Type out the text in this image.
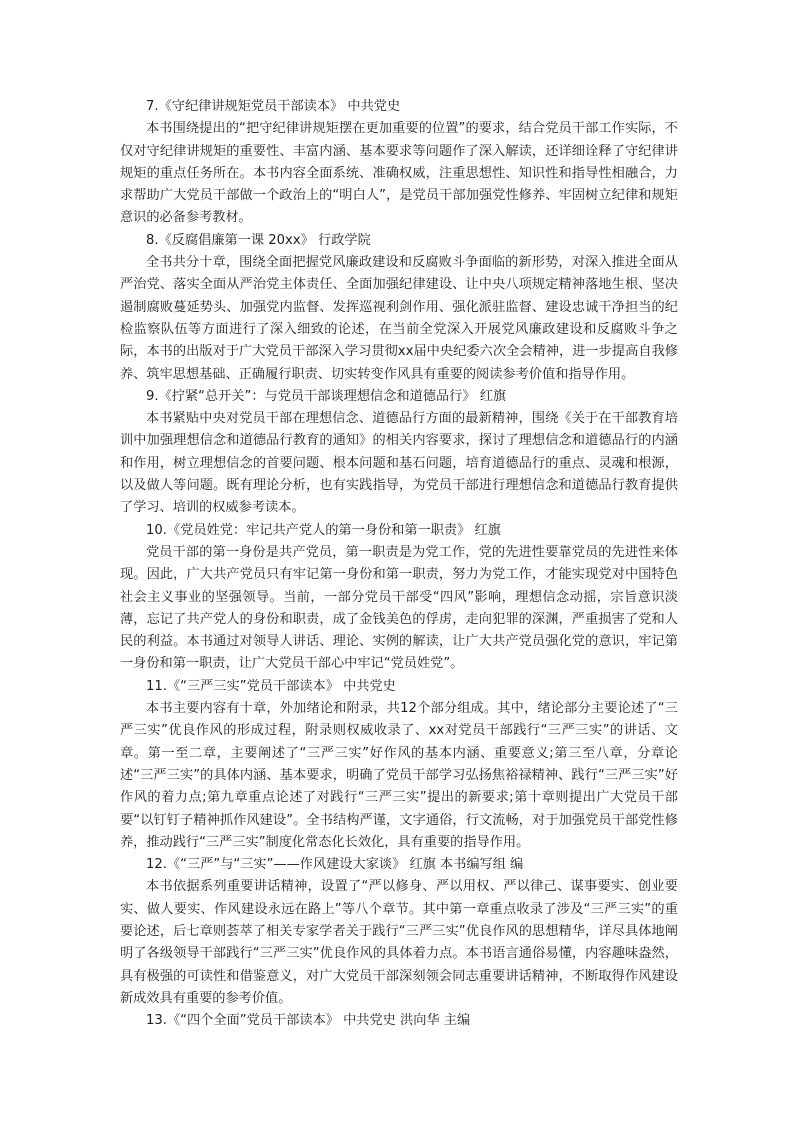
7.《守纪律讲规矩党员干部读本》 中共党史

本书围绕提出的“把守纪律讲规矩摆在更加重要的位置”的要求，结合党员干部工作实际，不仅对守纪律讲规矩的重要性、丰富内涵、基本要求等问题作了深入解读，还详细诠释了守纪律讲规矩的重点任务所在。本书内容全面系统、准确权威，注重思想性、知识性和指导性相融合，力求帮助广大党员干部做一个政治上的“明白人”，是党员干部加强党性修养、牢固树立纪律和规矩意识的必备参考教材。

8.《反腐倡廉第一课 20xx》 行政学院

全书共分十章，围绕全面把握党风廉政建设和反腐败斗争面临的新形势，对深入推进全面从严治党、落实全面从严治党主体责任、全面加强纪律建设、让中央八项规定精神落地生根、坚决遏制腐败蔓延势头、加强党内监督、发挥巡视利剑作用、强化派驻监督、建设忠诚干净担当的纪检监察队伍等方面进行了深入细致的论述，在当前全党深入开展党风廉政建设和反腐败斗争之际，本书的出版对于广大党员干部深入学习贯彻xx届中央纪委六次全会精神，进一步提高自我修养、筑牢思想基础、正确履行职责、切实转变作风具有重要的阅读参考价值和指导作用。

9.《拧紧“总开关”：与党员干部谈理想信念和道德品行》 红旗

本书紧贴中央对党员干部在理想信念、道德品行方面的最新精神，围绕《关于在干部教育培训中加强理想信念和道德品行教育的通知》的相关内容要求，探讨了理想信念和道德品行的内涵和作用，树立理想信念的首要问题、根本问题和基石问题，培育道德品行的重点、灵魂和根源，以及做人等问题。既有理论分析，也有实践指导，为党员干部进行理想信念和道德品行教育提供了学习、培训的权威参考读本。

10.《党员姓党：牢记共产党人的第一身份和第一职责》 红旗

党员干部的第一身份是共产党员，第一职责是为党工作，党的先进性要靠党员的先进性来体现。因此，广大共产党员只有牢记第一身份和第一职责，努力为党工作，才能实现党对中国特色社会主义事业的坚强领导。当前，一部分党员干部受“四风”影响，理想信念动摇，宗旨意识淡薄，忘记了共产党人的身份和职责，成了金钱美色的俘虏，走向犯罪的深渊，严重损害了党和人民的利益。本书通过对领导人讲话、理论、实例的解读，让广大共产党员强化党的意识，牢记第一身份和第一职责，让广大党员干部心中牢记“党员姓党”。

11.《“三严三实”党员干部读本》 中共党史

本书主要内容有十章，外加绪论和附录，共12个部分组成。其中，绪论部分主要论述了“三严三实”优良作风的形成过程，附录则权威收录了、xx对党员干部践行“三严三实”的讲话、文章。第一至二章，主要阐述了“三严三实”好作风的基本内涵、重要意义;第三至八章，分章论述“三严三实”的具体内涵、基本要求，明确了党员干部学习弘扬焦裕禄精神、践行“三严三实”好作风的着力点;第九章重点论述了对践行“三严三实”提出的新要求;第十章则提出广大党员干部要“以钉钉子精神抓作风建设”。全书结构严谨，文字通俗，行文流畅，对于加强党员干部党性修养，推动践行“三严三实”制度化常态化长效化，具有重要的指导作用。

12.《“三严”与“三实”——作风建设大家谈》 红旗 本书编写组 编

本书依据系列重要讲话精神，设置了“严以修身、严以用权、严以律己、谋事要实、创业要实、做人要实、作风建设永远在路上”等八个章节。其中第一章重点收录了涉及“三严三实”的重要论述，后七章则荟萃了相关专家学者关于践行“三严三实”优良作风的思想精华，详尽具体地阐明了各级领导干部践行“三严三实”优良作风的具体着力点。本书语言通俗易懂，内容趣味盎然，具有极强的可读性和借鉴意义，对广大党员干部深刻领会同志重要讲话精神，不断取得作风建设新成效具有重要的参考价值。

13.《“四个全面”党员干部读本》 中共党史 洪向华 主编
